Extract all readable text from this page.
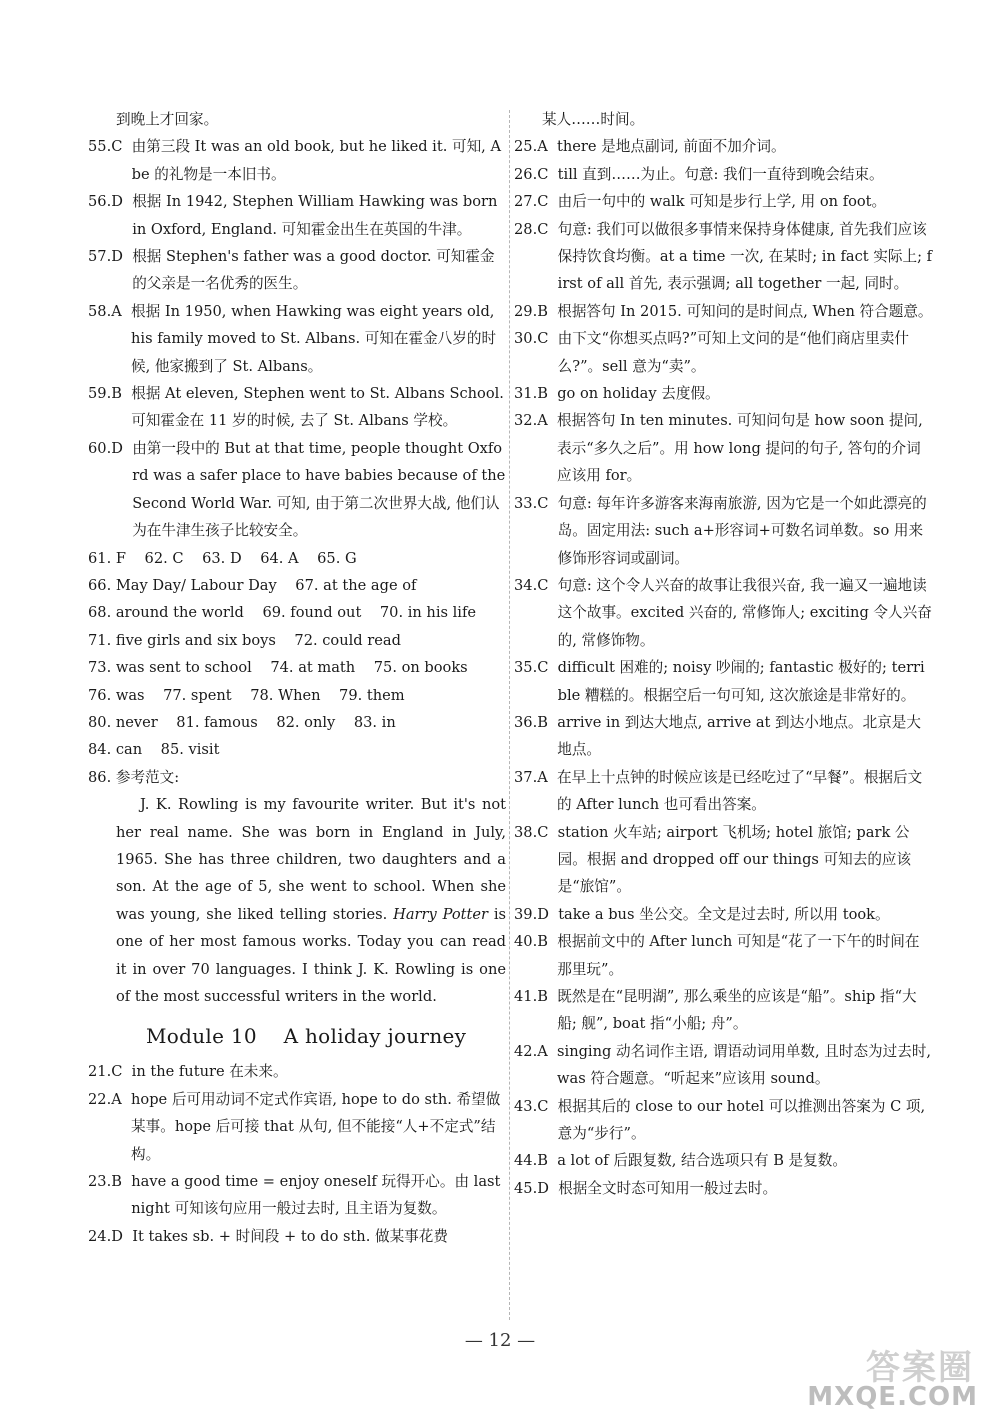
到晚上才回家。
55.C 由第三段 It was an old book, but he liked it. 可知, Abe 的礼物是一本旧书。
56.D 根据 In 1942, Stephen William Hawking was born in Oxford, England. 可知霍金出生在英国的牛津。
57.D 根据 Stephen's father was a good doctor. 可知霍金的父亲是一名优秀的医生。
58.A 根据 In 1950, when Hawking was eight years old, his family moved to St. Albans. 可知在霍金八岁的时候, 他家搬到了 St. Albans。
59.B 根据 At eleven, Stephen went to St. Albans School. 可知霍金在 11 岁的时候, 去了 St. Albans 学校。
60.D 由第一段中的 But at that time, people thought Oxford was a safer place to have babies because of the Second World War. 可知, 由于第二次世界大战, 他们认为在牛津生孩子比较安全。
61. F    62. C    63. D    64. A    65. G
66. May Day/ Labour Day    67. at the age of
68. around the world    69. found out    70. in his life
71. five girls and six boys    72. could read
73. was sent to school    74. at math    75. on books
76. was    77. spent    78. When    79. them
80. never    81. famous    82. only    83. in
84. can    85. visit
86. 参考范文:
J. K. Rowling is my favourite writer. But it's not her real name. She was born in England in July, 1965. She has three children, two daughters and a son. At the age of 5, she went to school. When she was young, she liked telling stories. Harry Potter is one of her most famous works. Today you can read it in over 70 languages. I think J. K. Rowling is one of the most successful writers in the world.
Module 10    A holiday journey
21.C in the future 在未来。
22.A hope 后可用动词不定式作宾语, hope to do sth. 希望做某事。hope 后可接 that 从句, 但不能接“人+不定式”结构。
23.B have a good time = enjoy oneself 玩得开心。由 last night 可知该句应用一般过去时, 且主语为复数。
24.D It takes sb. + 时间段 + to do sth. 做某事花费
某人……时间。
25.A there 是地点副词, 前面不加介词。
26.C till 直到……为止。句意: 我们一直待到晚会结束。
27.C 由后一句中的 walk 可知是步行上学, 用 on foot。
28.C 句意: 我们可以做很多事情来保持身体健康, 首先我们应该保持饮食均衡。at a time 一次, 在某时; in fact 实际上; first of all 首先, 表示强调; all together 一起, 同时。
29.B 根据答句 In 2015. 可知问的是时间点, When 符合题意。
30.C 由下文“你想买点吗?”可知上文问的是“他们商店里卖什么?”。sell 意为“卖”。
31.B go on holiday 去度假。
32.A 根据答句 In ten minutes. 可知问句是 how soon 提问, 表示“多久之后”。用 how long 提问的句子, 答句的介词应该用 for。
33.C 句意: 每年许多游客来海南旅游, 因为它是一个如此漂亮的岛。固定用法: such a+形容词+可数名词单数。so 用来修饰形容词或副词。
34.C 句意: 这个令人兴奋的故事让我很兴奋, 我一遍又一遍地读这个故事。excited 兴奋的, 常修饰人; exciting 令人兴奋的, 常修饰物。
35.C difficult 困难的; noisy 吵闹的; fantastic 极好的; terrible 糟糕的。根据空后一句可知, 这次旅途是非常好的。
36.B arrive in 到达大地点, arrive at 到达小地点。北京是大地点。
37.A 在早上十点钟的时候应该是已经吃过了“早餐”。根据后文的 After lunch 也可看出答案。
38.C station 火车站; airport 飞机场; hotel 旅馆; park 公园。根据 and dropped off our things 可知去的应该是“旅馆”。
39.D take a bus 坐公交。全文是过去时, 所以用 took。
40.B 根据前文中的 After lunch 可知是“花了一下午的时间在那里玩”。
41.B 既然是在“昆明湖”, 那么乘坐的应该是“船”。ship 指“大船; 舰”, boat 指“小船; 舟”。
42.A singing 动名词作主语, 谓语动词用单数, 且时态为过去时, was 符合题意。“听起来”应该用 sound。
43.C 根据其后的 close to our hotel 可以推测出答案为 C 项, 意为“步行”。
44.B a lot of 后跟复数, 结合选项只有 B 是复数。
45.D 根据全文时态可知用一般过去时。
— 12 —
答案圈
MXQE.COM
